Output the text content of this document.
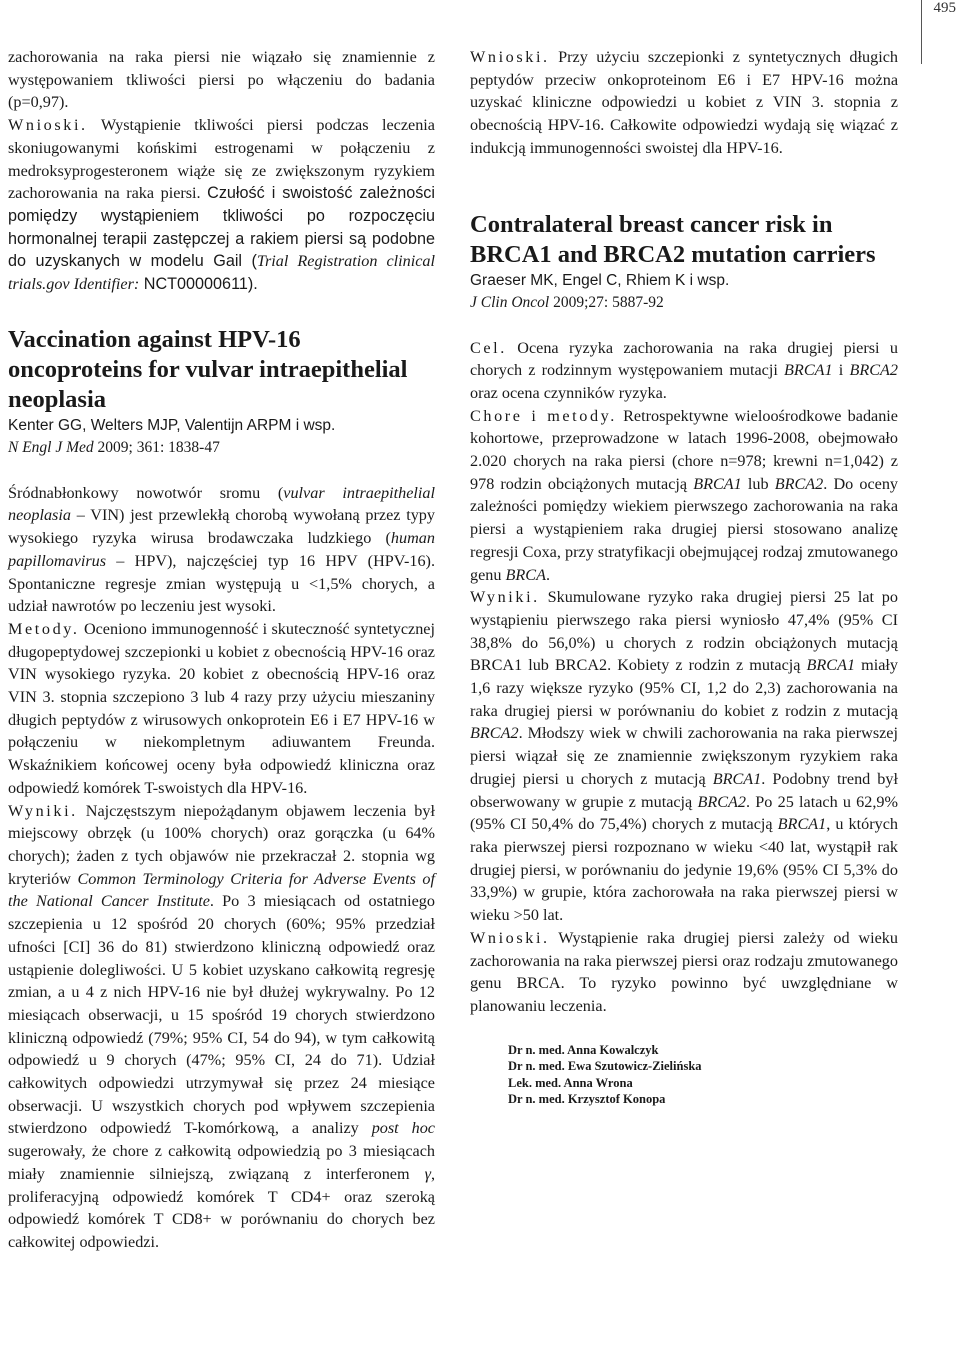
495

zachorowania na raka piersi nie wiązało się znamiennie z występowaniem tkliwości piersi po włączeniu do badania (p=0,97).

Wnioski. Wystąpienie tkliwości piersi podczas leczenia skoniugowanymi końskimi estrogenami w połączeniu z medroksyprogesteronem wiąże się ze zwiększonym ryzykiem zachorowania na raka piersi. Czułość i swoistość zależności pomiędzy wystąpieniem tkliwości po rozpoczęciu hormonalnej terapii zastępczej a rakiem piersi są podobne do uzyskanych w modelu Gail (Trial Registration clinical trials.gov Identifier: NCT00000611).

Vaccination against HPV-16 oncoproteins for vulvar intraepithelial neoplasia

Kenter GG, Welters MJP, Valentijn ARPM i wsp.

N Engl J Med 2009; 361: 1838-47

Śródnabłonkowy nowotwór sromu (vulvar intraepithelial neoplasia – VIN) jest przewlekłą chorobą wywołaną przez typy wysokiego ryzyka wirusa brodawczaka ludzkiego (human papillomavirus – HPV), najczęściej typ 16 HPV (HPV-16). Spontaniczne regresje zmian występują u <1,5% chorych, a udział nawrotów po leczeniu jest wysoki.

Metody. Oceniono immunogenność i skuteczność syntetycznej długopeptydowej szczepionki u kobiet z obecnością HPV-16 oraz VIN wysokiego ryzyka. 20 kobiet z obecnością HPV-16 oraz VIN 3. stopnia szczepiono 3 lub 4 razy przy użyciu mieszaniny długich peptydów z wirusowych onkoprotein E6 i E7 HPV-16 w połączeniu w niekompletnym adiuwantem Freunda. Wskaźnikiem końcowej oceny była odpowiedź kliniczna oraz odpowiedź komórek T-swoistych dla HPV-16.

Wyniki. Najczęstszym niepożądanym objawem leczenia był miejscowy obrzęk (u 100% chorych) oraz gorączka (u 64% chorych); żaden z tych objawów nie przekraczał 2. stopnia wg kryteriów Common Terminology Criteria for Adverse Events of the National Cancer Institute. Po 3 miesiącach od ostatniego szczepienia u 12 spośród 20 chorych (60%; 95% przedział ufności [CI] 36 do 81) stwierdzono kliniczną odpowiedź oraz ustąpienie dolegliwości. U 5 kobiet uzyskano całkowitą regresję zmian, a u 4 z nich HPV-16 nie był dłużej wykrywalny. Po 12 miesiącach obserwacji, u 15 spośród 19 chorych stwierdzono kliniczną odpowiedź (79%; 95% CI, 54 do 94), w tym całkowitą odpowiedź u 9 chorych (47%; 95% CI, 24 do 71). Udział całkowitych odpowiedzi utrzymywał się przez 24 miesiące obserwacji. U wszystkich chorych pod wpływem szczepienia stwierdzono odpowiedź T-komórkową, a analizy post hoc sugerowały, że chore z całkowitą odpowiedzią po 3 miesiącach miały znamiennie silniejszą, związaną z interferonem γ, proliferacyjną odpowiedź komórek T CD4+ oraz szeroką odpowiedź komórek T CD8+ w porównaniu do chorych bez całkowitej odpowiedzi.

Wnioski. Przy użyciu szczepionki z syntetycznych długich peptydów przeciw onkoproteinom E6 i E7 HPV-16 można uzyskać kliniczne odpowiedzi u kobiet z VIN 3. stopnia z obecnością HPV-16. Całkowite odpowiedzi wydają się wiązać z indukcją immunogenności swoistej dla HPV-16.

Contralateral breast cancer risk in BRCA1 and BRCA2 mutation carriers

Graeser MK, Engel C, Rhiem K i wsp.

J Clin Oncol 2009;27: 5887-92

Cel. Ocena ryzyka zachorowania na raka drugiej piersi u chorych z rodzinnym występowaniem mutacji BRCA1 i BRCA2 oraz ocena czynników ryzyka.

Chore i metody. Retrospektywne wieloośrodkowe badanie kohortowe, przeprowadzone w latach 1996-2008, obejmowało 2.020 chorych na raka piersi (chore n=978; krewni n=1,042) z 978 rodzin obciążonych mutacją BRCA1 lub BRCA2. Do oceny zależności pomiędzy wiekiem pierwszego zachorowania na raka piersi a wystąpieniem raka drugiej piersi stosowano analizę regresji Coxa, przy stratyfikacji obejmującej rodzaj zmutowanego genu BRCA.

Wyniki. Skumulowane ryzyko raka drugiej piersi 25 lat po wystąpieniu pierwszego raka piersi wyniosło 47,4% (95% CI 38,8% do 56,0%) u chorych z rodzin obciążonych mutacją BRCA1 lub BRCA2. Kobiety z rodzin z mutacją BRCA1 miały 1,6 razy większe ryzyko (95% CI, 1,2 do 2,3) zachorowania na raka drugiej piersi w porównaniu do kobiet z rodzin z mutacją BRCA2. Młodszy wiek w chwili zachorowania na raka pierwszej piersi wiązał się ze znamiennie zwiększonym ryzykiem raka drugiej piersi u chorych z mutacją BRCA1. Podobny trend był obserwowany w grupie z mutacją BRCA2. Po 25 latach u 62,9% (95% CI 50,4% do 75,4%) chorych z mutacją BRCA1, u których raka pierwszej piersi rozpoznano w wieku <40 lat, wystąpił rak drugiej piersi, w porównaniu do jedynie 19,6% (95% CI 5,3% do 33,9%) w grupie, która zachorowała na raka pierwszej piersi w wieku >50 lat.

Wnioski. Wystąpienie raka drugiej piersi zależy od wieku zachorowania na raka pierwszej piersi oraz rodzaju zmutowanego genu BRCA. To ryzyko powinno być uwzględniane w planowaniu leczenia.

Dr n. med. Anna Kowalczyk

Dr n. med. Ewa Szutowicz-Zielińska

Lek. med. Anna Wrona

Dr n. med. Krzysztof Konopa
